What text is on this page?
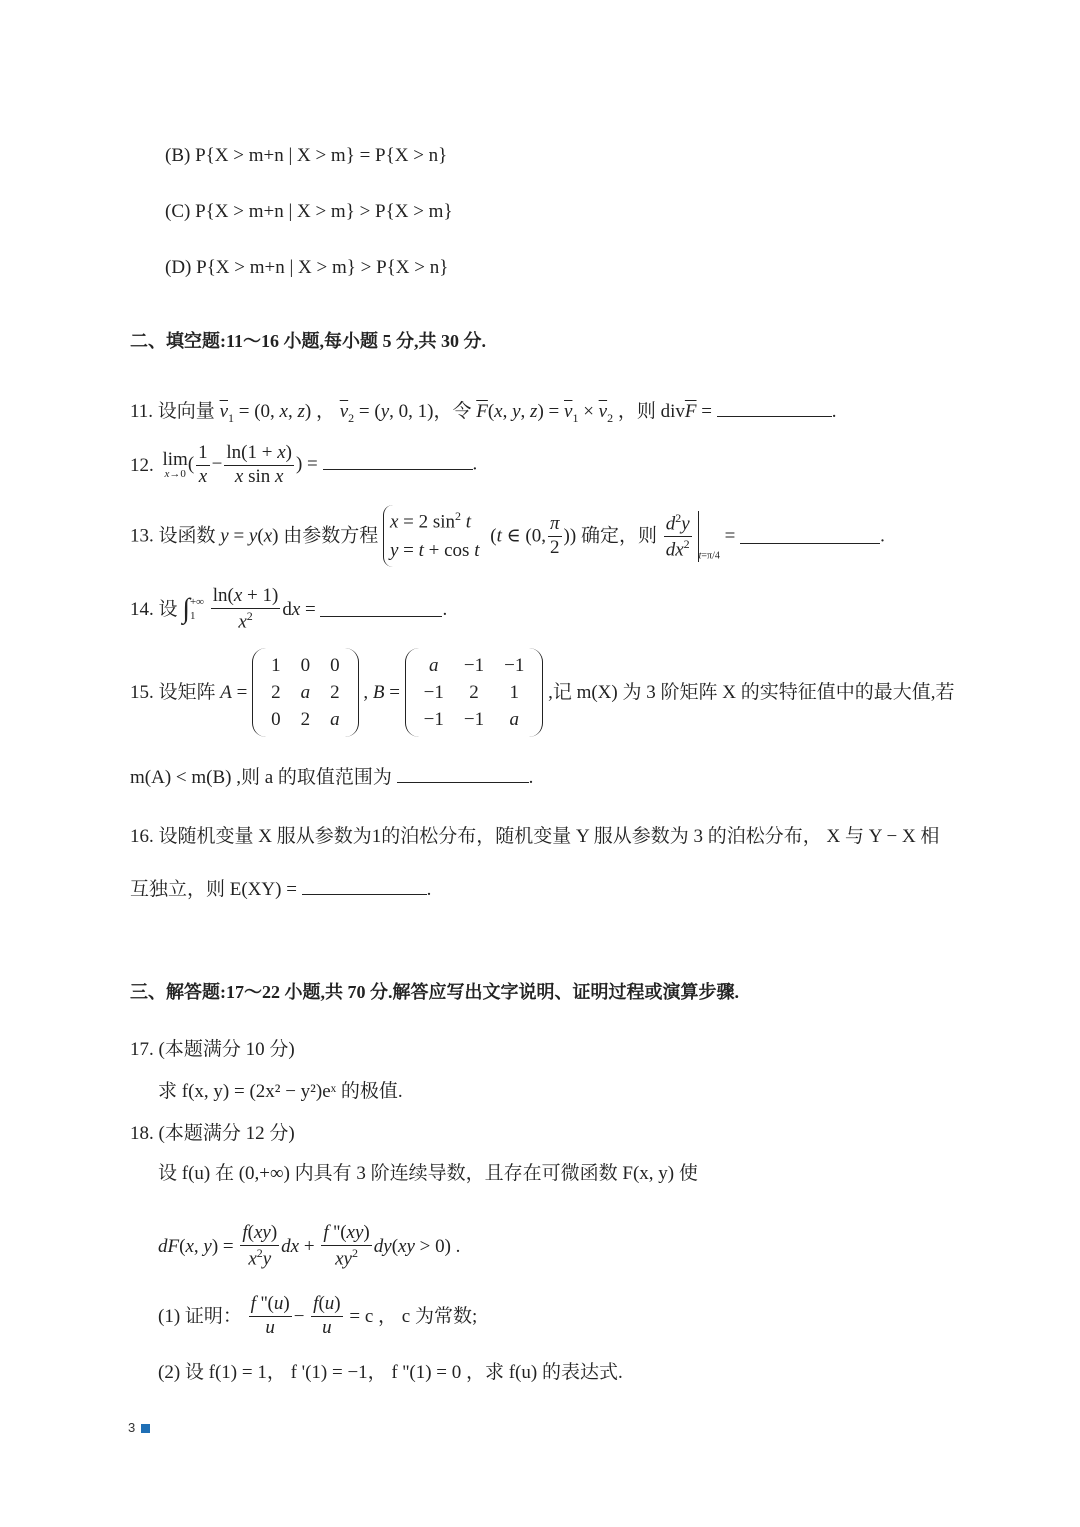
(B) P{X > m+n | X > m} = P{X > n}
(C) P{X > m+n | X > m} > P{X > m}
(D) P{X > m+n | X > m} > P{X > n}
二、填空题:11～16 小题,每小题 5 分,共 30 分.
11. 设向量 $\overline{v}_1 = (0$, x, z) ， $\overline{v}_2 = (y$, 0, 1)，令 $\overline{F}(x$, y, $z) = \overline{v}_1 \times \overline{v}_2$ ，则 $div\overline{F}$ =	.
12. lim
x→0 ( $\frac{1}{x} - \frac{\ln(1 + x)}{\text{x sin x}}$ ) =	.
13. 设函数 y = y(x) 由参数方程 x = 2 $\sin^2 t$
y = t + cos t (t ∈ (0, $\frac{\pi}{2}$ )) 确定，则 $\frac{d^2y}{dx^2} _{t=\pi/4}$ =	.
14. 设 ∫+∞
$1 \frac{\ln(x + 1)}{x^2}$ dx =	.
15. 设矩阵 A =
1	0	0
2	a	2
0	2	a
, B =
a	−1	−1
−1	2	1
−1	−1	a
,记 m(X) 为 3 阶矩阵 X 的实特征值中的最大值,若
m(A) < m(B) ,则 a 的取值范围为	.
16. 设随机变量 X 服从参数为1的泊松分布，随机变量 Y 服从参数为 3 的泊松分布， X 与 Y − X 相
互独立，则 E(XY) =	.
三、解答题:17～22 小题,共 70 分.解答应写出文字说明、证明过程或演算步骤.
17. (本题满分 10 分)
求 f(x, y) = (2x² − y²)eˣ 的极值.
18. (本题满分 12 分)
设 f(u) 在 (0,+∞) 内具有 3 阶连续导数，且存在可微函数 F(x, y) 使
dF(x, $y) = \frac{f(xy)}{x^2y}$ dx + $\frac{f ''(xy)}{xy^2} dy(xy > 0)$ .
(1) 证明： $\frac{f ''(u)}{u} - \frac{f(u)}{u} = c$ ， c 为常数;
(2) 设 f(1) = 1， f '(1) = −1， f ''(1) = 0 ，求 f(u) 的表达式.
3
